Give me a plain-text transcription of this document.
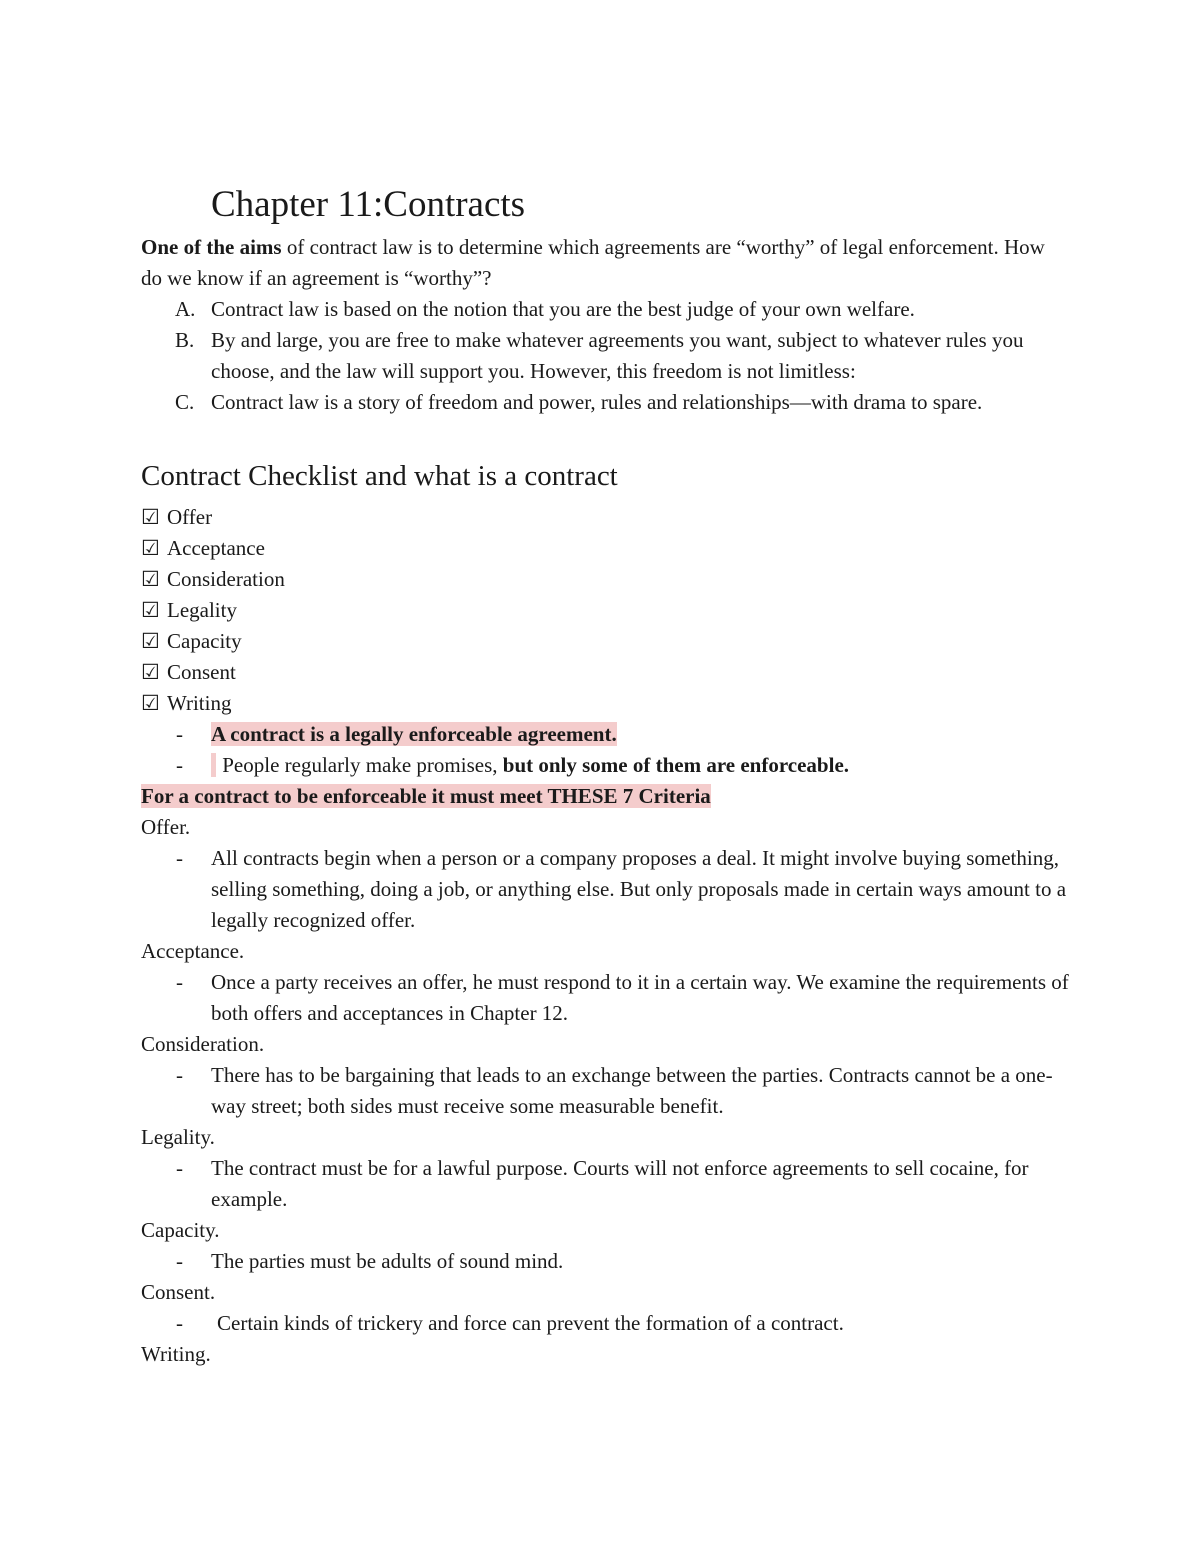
Chapter 11:Contracts

One of the aims of contract law is to determine which agreements are “worthy” of legal enforcement. How do we know if an agreement is “worthy”?

A. Contract law is based on the notion that you are the best judge of your own welfare.
B. By and large, you are free to make whatever agreements you want, subject to whatever rules you choose, and the law will support you. However, this freedom is not limitless:
C. Contract law is a story of freedom and power, rules and relationships—with drama to spare.
Contract Checklist and what is a contract
☑ Offer
☑ Acceptance
☑ Consideration
☑ Legality
☑ Capacity
☑ Consent
☑ Writing
- A contract is a legally enforceable agreement.
- People regularly make promises, but only some of them are enforceable.

For a contract to be enforceable it must meet THESE 7 Criteria

Offer.

- All contracts begin when a person or a company proposes a deal. It might involve buying something, selling something, doing a job, or anything else. But only proposals made in certain ways amount to a legally recognized offer.

Acceptance.

- Once a party receives an offer, he must respond to it in a certain way. We examine the requirements of both offers and acceptances in Chapter 12.

Consideration.

- There has to be bargaining that leads to an exchange between the parties. Contracts cannot be a one-way street; both sides must receive some measurable benefit.

Legality.

- The contract must be for a lawful purpose. Courts will not enforce agreements to sell cocaine, for example.

Capacity.

- The parties must be adults of sound mind.

Consent.

- Certain kinds of trickery and force can prevent the formation of a contract.

Writing.
